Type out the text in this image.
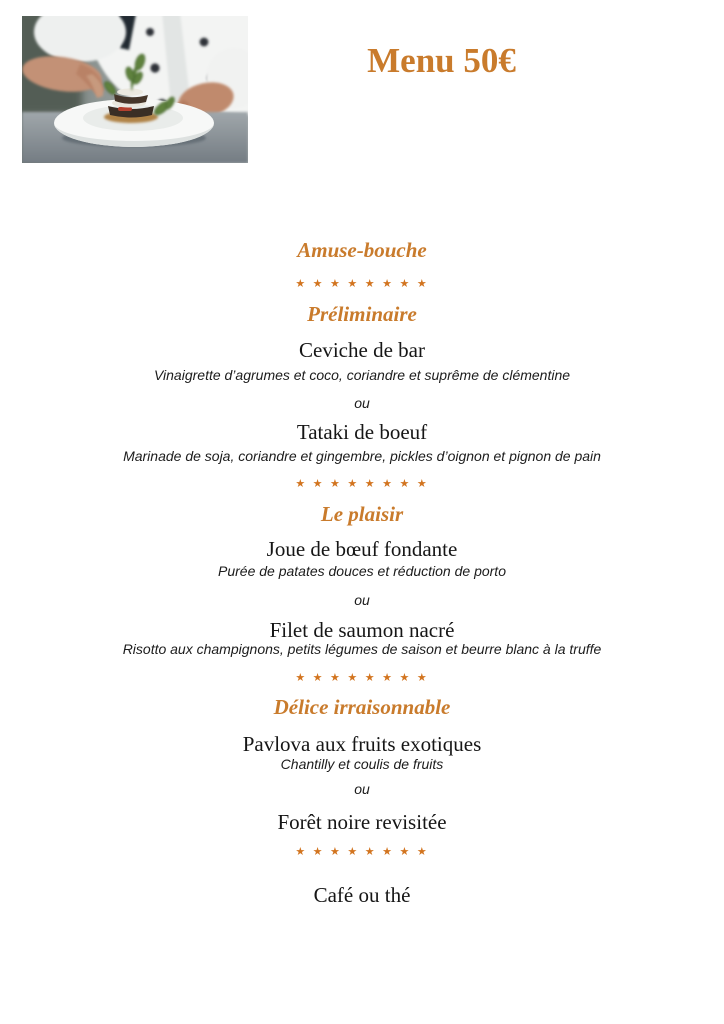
Menu 50€
Amuse-bouche
★ ★ ★ ★ ★ ★ ★ ★
Préliminaire
Ceviche de bar
Vinaigrette d’agrumes et coco, coriandre et suprême de clémentine
ou
Tataki de boeuf
Marinade de soja, coriandre et gingembre, pickles d’oignon et pignon de pain
★ ★ ★ ★ ★ ★ ★ ★
Le plaisir
Joue de bœuf fondante
Purée de patates douces et réduction de porto
ou
Filet de saumon nacré
Risotto aux champignons, petits légumes de saison et beurre blanc à la truffe
★ ★ ★ ★ ★ ★ ★ ★
Délice irraisonnable
Pavlova aux fruits exotiques
Chantilly et coulis de fruits
ou
Forêt noire revisitée
★ ★ ★ ★ ★ ★ ★ ★
Café ou thé
